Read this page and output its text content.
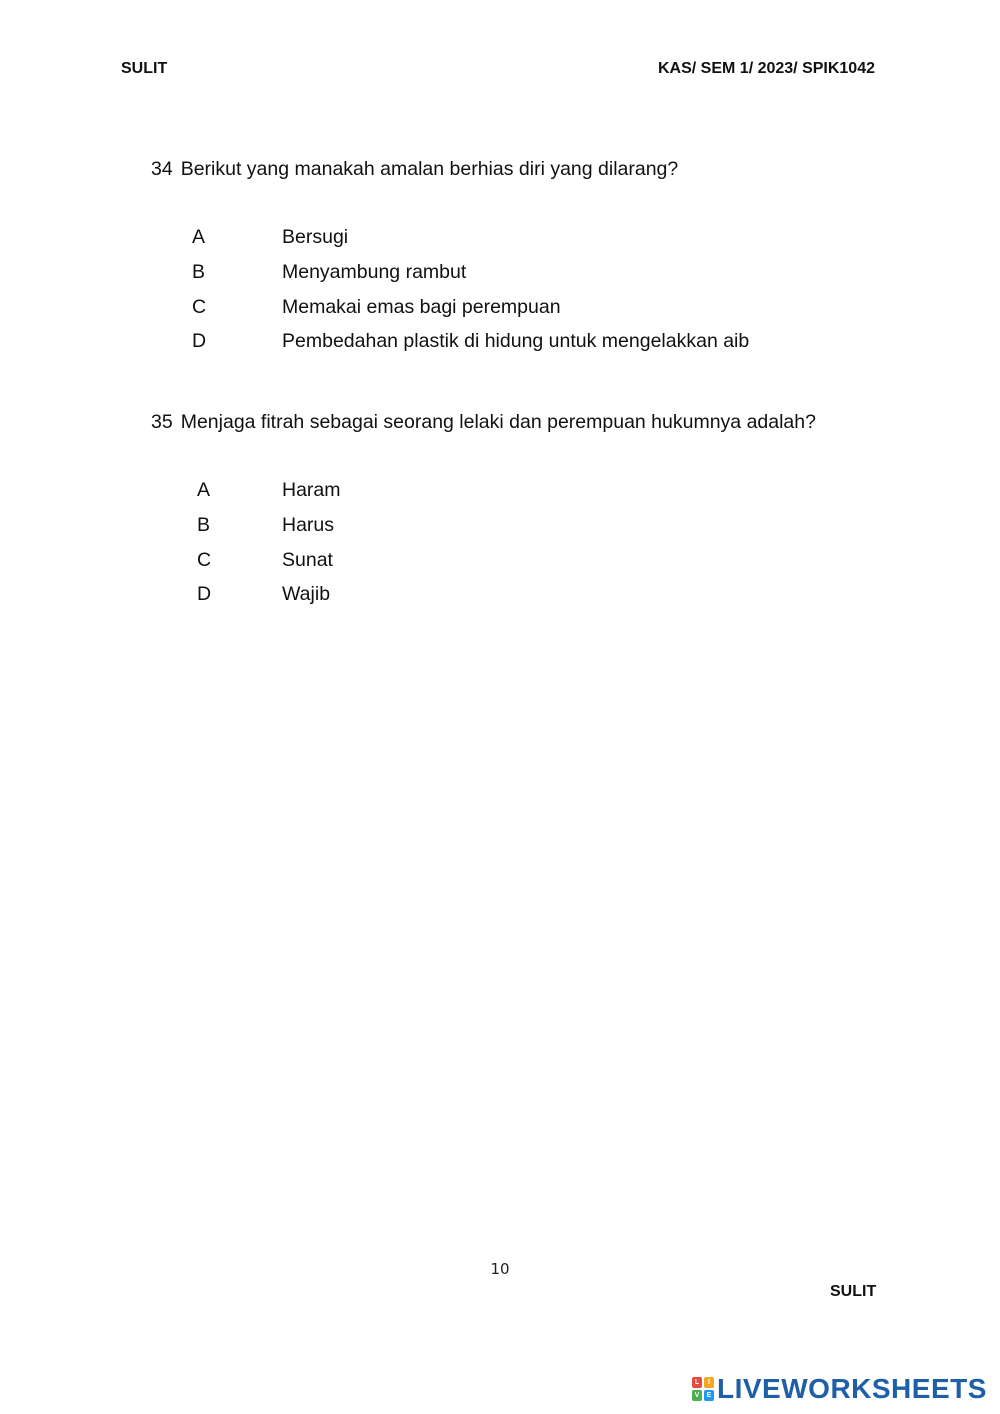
SULIT	KAS/ SEM 1/ 2023/ SPIK1042
34 Berikut yang manakah amalan berhias diri yang dilarang?
A	Bersugi
B	Menyambung rambut
C	Memakai emas bagi perempuan
D	Pembedahan plastik di hidung untuk mengelakkan aib
35 Menjaga fitrah sebagai seorang lelaki dan perempuan hukumnya adalah?
A	Haram
B	Harus
C	Sunat
D	Wajib
10
SULIT
L	I
V	E LIVEWORKSHEETS
